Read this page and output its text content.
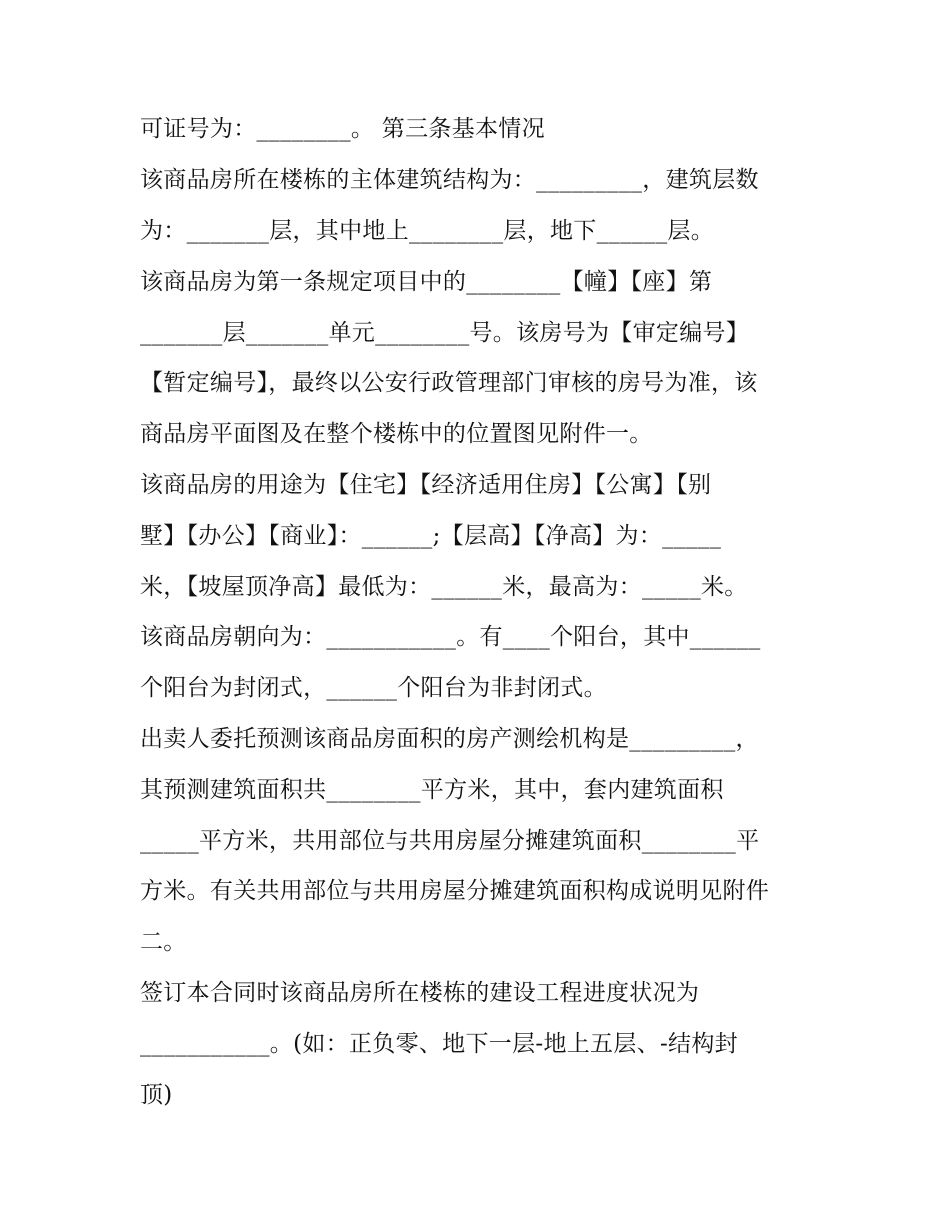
可证号为：________。 第三条基本情况
该商品房所在楼栋的主体建筑结构为：_________，建筑层数
为：_______层，其中地上________层，地下______层。
该商品房为第一条规定项目中的________【幢】【座】第
_______层_______单元________号。该房号为【审定编号】
【暂定编号】，最终以公安行政管理部门审核的房号为准，该
商品房平面图及在整个楼栋中的位置图见附件一。
该商品房的用途为【住宅】【经济适用住房】【公寓】【别
墅】【办公】【商业】：______;【层高】【净高】为：_____
米，【坡屋顶净高】最低为：______米，最高为：_____米。
该商品房朝向为：___________。有____个阳台，其中______
个阳台为封闭式，______个阳台为非封闭式。
出卖人委托预测该商品房面积的房产测绘机构是_________，
其预测建筑面积共________平方米，其中，套内建筑面积
_____平方米，共用部位与共用房屋分摊建筑面积________平
方米。有关共用部位与共用房屋分摊建筑面积构成说明见附件
二。
签订本合同时该商品房所在楼栋的建设工程进度状况为
___________。(如：正负零、地下一层-地上五层、-结构封
顶)
